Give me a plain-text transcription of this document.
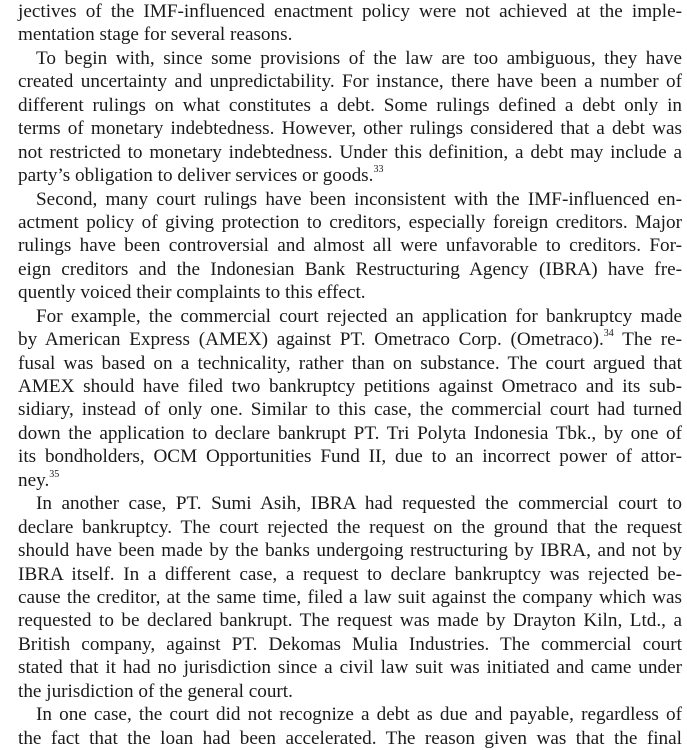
jectives of the IMF-influenced enactment policy were not achieved at the imple-
mentation stage for several reasons.
To begin with, since some provisions of the law are too ambiguous, they have
created uncertainty and unpredictability. For instance, there have been a number of
different rulings on what constitutes a debt. Some rulings defined a debt only in
terms of monetary indebtedness. However, other rulings considered that a debt was
not restricted to monetary indebtedness. Under this definition, a debt may include a
party’s obligation to deliver services or goods.$^{33}$
Second, many court rulings have been inconsistent with the IMF-influenced en-
actment policy of giving protection to creditors, especially foreign creditors. Major
rulings have been controversial and almost all were unfavorable to creditors. For-
eign creditors and the Indonesian Bank Restructuring Agency (IBRA) have fre-
quently voiced their complaints to this effect.
For example, the commercial court rejected an application for bankruptcy made
by American Express (AMEX) against PT. Ometraco Corp. (Ometraco).$^{34}$ The re-
fusal was based on a technicality, rather than on substance. The court argued that
AMEX should have filed two bankruptcy petitions against Ometraco and its sub-
sidiary, instead of only one. Similar to this case, the commercial court had turned
down the application to declare bankrupt PT. Tri Polyta Indonesia Tbk., by one of
its bondholders, OCM Opportunities Fund II, due to an incorrect power of attor-
ney.$^{35}$
In another case, PT. Sumi Asih, IBRA had requested the commercial court to
declare bankruptcy. The court rejected the request on the ground that the request
should have been made by the banks undergoing restructuring by IBRA, and not by
IBRA itself. In a different case, a request to declare bankruptcy was rejected be-
cause the creditor, at the same time, filed a law suit against the company which was
requested to be declared bankrupt. The request was made by Drayton Kiln, Ltd., a
British company, against PT. Dekomas Mulia Industries. The commercial court
stated that it had no jurisdiction since a civil law suit was initiated and came under
the jurisdiction of the general court.
In one case, the court did not recognize a debt as due and payable, regardless of
the fact that the loan had been accelerated. The reason given was that the final
